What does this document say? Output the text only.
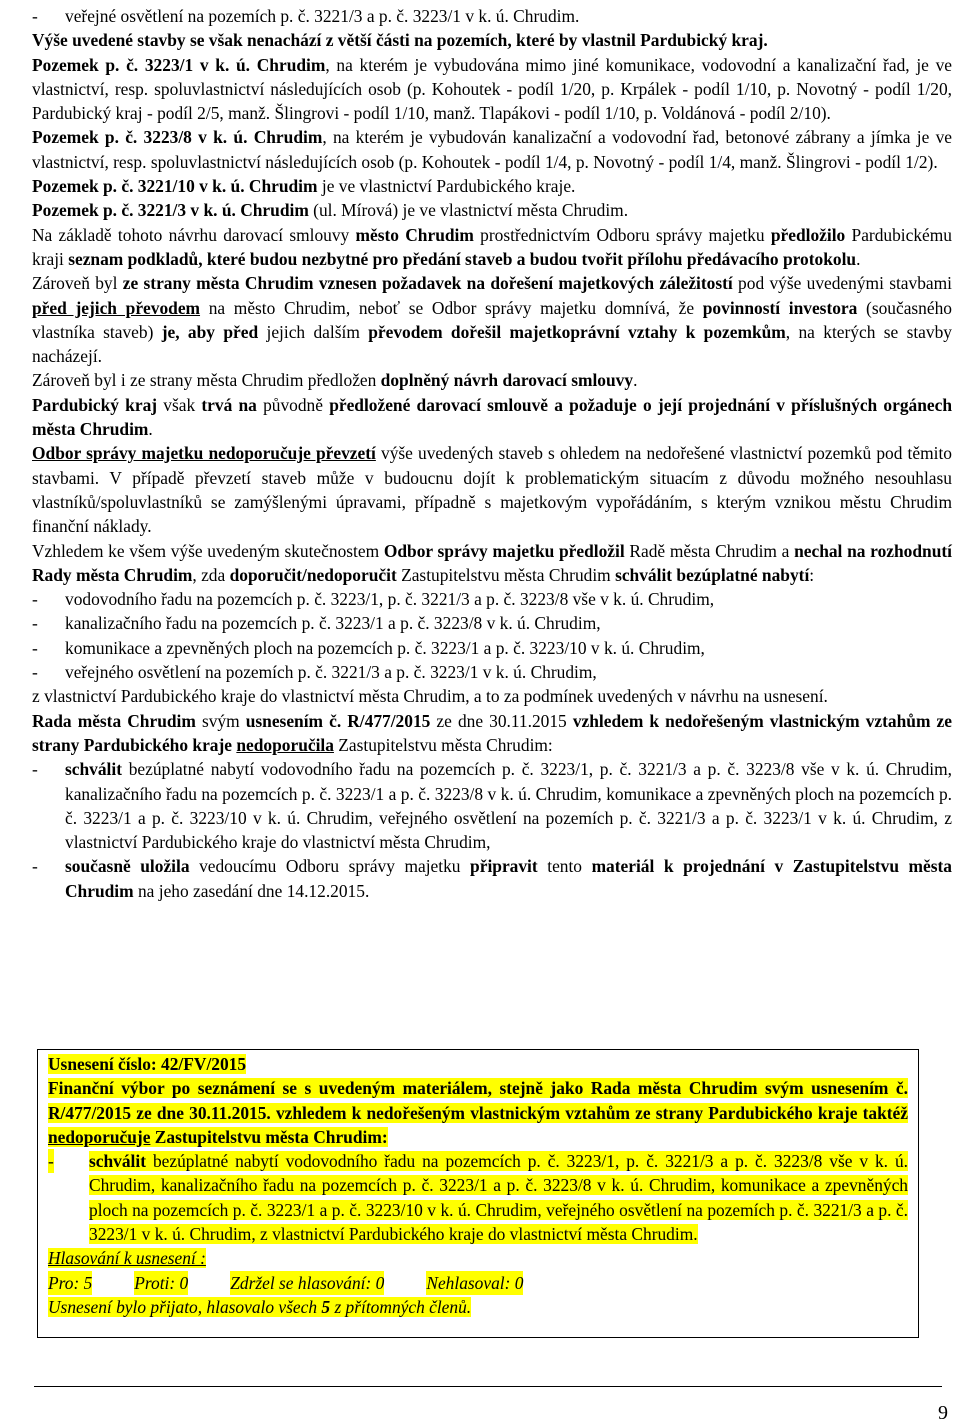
- veřejné osvětlení na pozemích p. č. 3221/3 a p. č. 3223/1 v k. ú. Chrudim.

Výše uvedené stavby se však nenachází z větší části na pozemích, které by vlastnil Pardubický kraj.

Pozemek p. č. 3223/1 v k. ú. Chrudim, na kterém je vybudována mimo jiné komunikace, vodovodní a kanalizační řad, je ve vlastnictví, resp. spoluvlastnictví následujících osob (p. Kohoutek - podíl 1/20, p. Krpálek - podíl 1/10, p. Novotný - podíl 1/20, Pardubický kraj - podíl 2/5, manž. Šlingrovi - podíl 1/10, manž. Tlapákovi - podíl 1/10, p. Voldánová - podíl 2/10).

Pozemek p. č. 3223/8 v k. ú. Chrudim, na kterém je vybudován kanalizační a vodovodní řad, betonové zábrany a jímka je ve vlastnictví, resp. spoluvlastnictví následujících osob (p. Kohoutek - podíl 1/4, p. Novotný - podíl 1/4, manž. Šlingrovi - podíl 1/2).

Pozemek p. č. 3221/10 v k. ú. Chrudim je ve vlastnictví Pardubického kraje.

Pozemek p. č. 3221/3 v k. ú. Chrudim (ul. Mírová) je ve vlastnictví města Chrudim.

Na základě tohoto návrhu darovací smlouvy město Chrudim prostřednictvím Odboru správy majetku předložilo Pardubickému kraji seznam podkladů, které budou nezbytné pro předání staveb a budou tvořit přílohu předávacího protokolu.

Zároveň byl ze strany města Chrudim vznesen požadavek na dořešení majetkových záležitostí pod výše uvedenými stavbami před jejich převodem na město Chrudim, neboť se Odbor správy majetku domnívá, že povinností investora (současného vlastníka staveb) je, aby před jejich dalším převodem dořešil majetkoprávní vztahy k pozemkům, na kterých se stavby nacházejí.

Zároveň byl i ze strany města Chrudim předložen doplněný návrh darovací smlouvy.

Pardubický kraj však trvá na původně předložené darovací smlouvě a požaduje o její projednání v příslušných orgánech města Chrudim.

Odbor správy majetku nedoporučuje převzetí výše uvedených staveb s ohledem na nedořešené vlastnictví pozemků pod těmito stavbami. V případě převzetí staveb může v budoucnu dojít k problematickým situacím z důvodu možného nesouhlasu vlastníků/spoluvlastníků se zamýšlenými úpravami, případně s majetkovým vypořádáním, s kterým vznikou městu Chrudim finanční náklady.

Vzhledem ke všem výše uvedeným skutečnostem Odbor správy majetku předložil Radě města Chrudim a nechal na rozhodnutí Rady města Chrudim, zda doporučit/nedoporučit Zastupitelstvu města Chrudim schválit bezúplatné nabytí:

- vodovodního řadu na pozemcích p. č. 3223/1, p. č. 3221/3 a p. č. 3223/8 vše v k. ú. Chrudim,
- kanalizačního řadu na pozemcích p. č. 3223/1 a p. č. 3223/8 v k. ú. Chrudim,
- komunikace a zpevněných ploch na pozemcích p. č. 3223/1 a p. č. 3223/10 v k. ú. Chrudim,
- veřejného osvětlení na pozemích p. č. 3221/3 a p. č. 3223/1 v k. ú. Chrudim,

z vlastnictví Pardubického kraje do vlastnictví města Chrudim, a to za podmínek uvedených v návrhu na usnesení.

Rada města Chrudim svým usnesením č. R/477/2015 ze dne 30.11.2015 vzhledem k nedořešeným vlastnickým vztahům ze strany Pardubického kraje nedoporučila Zastupitelstvu města Chrudim:

- schválit bezúplatné nabytí vodovodního řadu na pozemcích p. č. 3223/1, p. č. 3221/3 a p. č. 3223/8 vše v k. ú. Chrudim, kanalizačního řadu na pozemcích p. č. 3223/1 a p. č. 3223/8 v k. ú. Chrudim, komunikace a zpevněných ploch na pozemcích p. č. 3223/1 a p. č. 3223/10 v k. ú. Chrudim, veřejného osvětlení na pozemích p. č. 3221/3 a p. č. 3223/1 v k. ú. Chrudim, z vlastnictví Pardubického kraje do vlastnictví města Chrudim,
- současně uložila vedoucímu Odboru správy majetku připravit tento materiál k projednání v Zastupitelstvu města Chrudim na jeho zasedání dne 14.12.2015.

Usnesení číslo: 42/FV/2015

Finanční výbor po seznámení se s uvedeným materiálem, stejně jako Rada města Chrudim svým usnesením č. R/477/2015 ze dne 30.11.2015. vzhledem k nedořešeným vlastnickým vztahům ze strany Pardubického kraje taktéž nedoporučuje Zastupitelstvu města Chrudim:

- schválit bezúplatné nabytí vodovodního řadu na pozemcích p. č. 3223/1, p. č. 3221/3 a p. č. 3223/8 vše v k. ú. Chrudim, kanalizačního řadu na pozemcích p. č. 3223/1 a p. č. 3223/8 v k. ú. Chrudim, komunikace a zpevněných ploch na pozemcích p. č. 3223/1 a p. č. 3223/10 v k. ú. Chrudim, veřejného osvětlení na pozemích p. č. 3221/3 a p. č. 3223/1 v k. ú. Chrudim, z vlastnictví Pardubického kraje do vlastnictví města Chrudim.

Hlasování k usnesení :

Pro: 5 Proti: 0 Zdržel se hlasování: 0 Nehlasoval: 0

Usnesení bylo přijato, hlasovalo všech 5 z přítomných členů.

9
